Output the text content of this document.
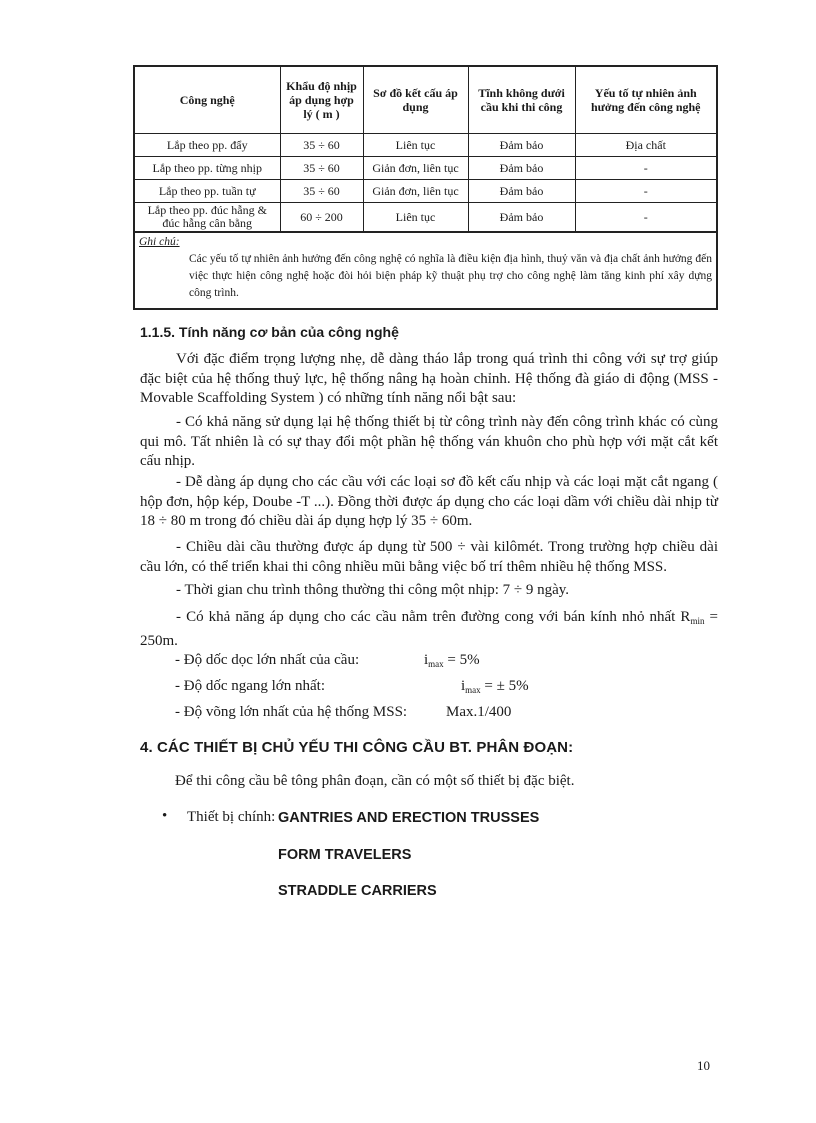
Công nghệ	Khẩu độ nhịp áp dụng hợp lý ( m )	Sơ đồ kết cấu áp dụng	Tĩnh không dưới cầu khi thi công	Yếu tố tự nhiên ảnh hưởng đến công nghệ
Lắp theo pp. đẩy	35 ÷ 60	Liên tục	Đảm bảo	Địa chất
Lắp theo pp. từng nhịp	35 ÷ 60	Giản đơn, liên tục	Đảm bảo	-
Lắp theo pp. tuần tự	35 ÷ 60	Giản đơn, liên tục	Đảm bảo	-
Lắp theo pp. đúc hẫng & đúc hẫng cân bằng	60 ÷ 200	Liên tục	Đảm bảo	-
Ghi chú:
Các yếu tố tự nhiên ảnh hưởng đến công nghệ có nghĩa là điều kiện địa hình, thuỷ văn và địa chất ảnh hưởng đến việc thực hiện công nghệ hoặc đòi hỏi biện pháp kỹ thuật phụ trợ cho công nghệ làm tăng kinh phí xây dựng công trình.
1.1.5. Tính năng cơ bản của công nghệ

Với đặc điểm trọng lượng nhẹ, dễ dàng tháo lắp trong quá trình thi công với sự trợ giúp đặc biệt của hệ thống thuỷ lực, hệ thống nâng hạ hoàn chỉnh. Hệ thống đà giáo di động (MSS - Movable Scaffolding System ) có những tính năng nổi bật sau:

- Có khả năng sử dụng lại hệ thống thiết bị từ công trình này đến công trình khác có cùng qui mô. Tất nhiên là có sự thay đổi một phần hệ thống ván khuôn cho phù hợp với mặt cắt kết cấu nhịp.

- Dễ dàng áp dụng cho các cầu với các loại sơ đồ kết cấu nhịp và các loại mặt cắt ngang ( hộp đơn, hộp kép, Doube -T ...). Đồng thời được áp dụng cho các loại dầm với chiều dài nhịp từ 18 ÷ 80 m trong đó chiều dài áp dụng hợp lý 35 ÷ 60m.

- Chiều dài cầu thường được áp dụng từ 500 ÷ vài kilômét. Trong trường hợp chiều dài cầu lớn, có thể triển khai thi công nhiều mũi bằng việc bố trí thêm nhiều hệ thống MSS.

- Thời gian chu trình thông thường thi công một nhịp: 7 ÷ 9 ngày.

- Có khả năng áp dụng cho các cầu nằm trên đường cong với bán kính nhỏ nhất $R_{min} = 250m$.

- Độ dốc dọc lớn nhất của cầu:	$i_{max} = 5\%$

- Độ dốc ngang lớn nhất:	$i_{max}$ = ± 5%

- Độ võng lớn nhất của hệ thống MSS:	Max.1/400

4. CÁC THIẾT BỊ CHỦ YẾU THI CÔNG CẦU BT. PHÂN ĐOẠN:

Để thi công cầu bê tông phân đoạn, cần có một số thiết bị đặc biệt.

• Thiết bị chính: GANTRIES AND ERECTION TRUSSES
FORM TRAVELERS
STRADDLE CARRIERS
10
